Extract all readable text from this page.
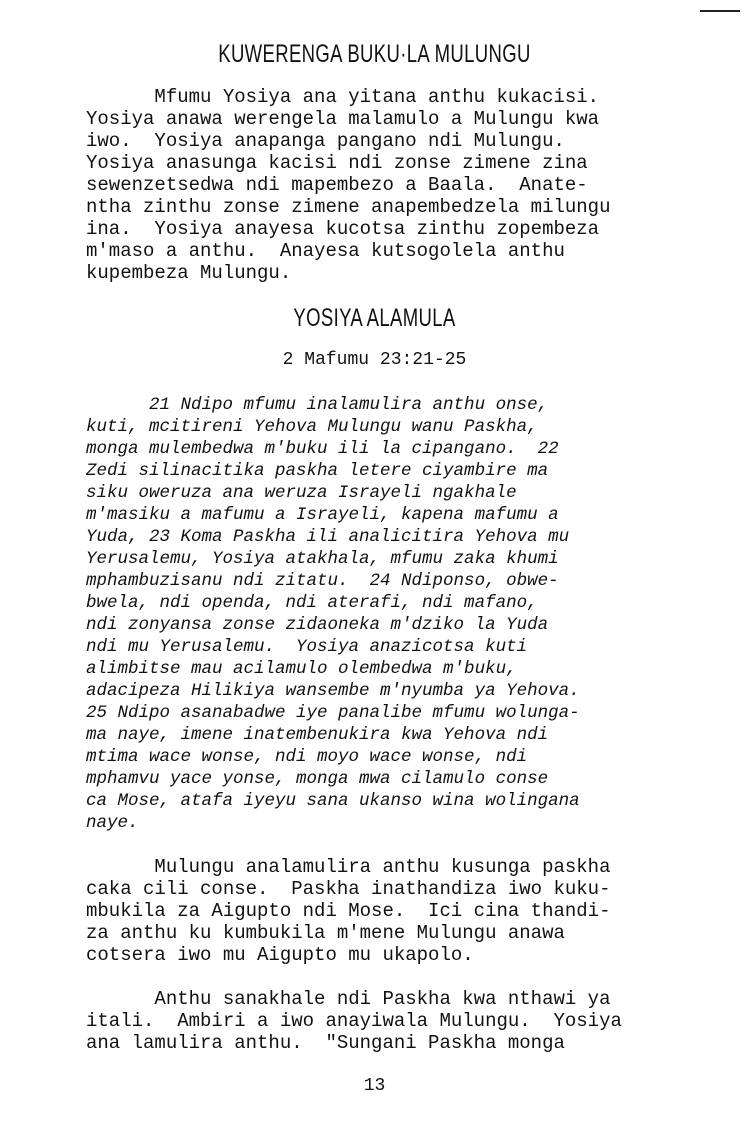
KUWERENGA BUKU·LA MULUNGU
Mfumu Yosiya ana yitana anthu kukacisi.
Yosiya anawa werengela malamulo a Mulungu kwa
iwo.  Yosiya anapanga pangano ndi Mulungu.
Yosiya anasunga kacisi ndi zonse zimene zina
sewenzetsedwa ndi mapembezo a Baala.  Anate-
ntha zinthu zonse zimene anapembedzela milungu
ina.  Yosiya anayesa kucotsa zinthu zopembeza
m'maso a anthu.  Anayesa kutsogolela anthu
kupembeza Mulungu.
YOSIYA ALAMULA

2 Mafumu 23:21-25

21 Ndipo mfumu inalamulira anthu onse,
kuti, mcitireni Yehova Mulungu wanu Paskha,
monga mulembedwa m'buku ili la cipangano.  22
Zedi silinacitika paskha letere ciyambire ma
siku oweruza ana weruza Israyeli ngakhale
m'masiku a mafumu a Israyeli, kapena mafumu a
Yuda, 23 Koma Paskha ili analicitira Yehova mu
Yerusalemu, Yosiya atakhala, mfumu zaka khumi
mphambuzisanu ndi zitatu.  24 Ndiponso, obwe-
bwela, ndi openda, ndi aterafi, ndi mafano,
ndi zonyansa zonse zidaoneka m'dziko la Yuda
ndi mu Yerusalemu.  Yosiya anazicotsa kuti
alimbitse mau acilamulo olembedwa m'buku,
adacipeza Hilikiya wansembe m'nyumba ya Yehova.
25 Ndipo asanabadwe iye panalibe mfumu wolunga-
ma naye, imene inatembenukira kwa Yehova ndi
mtima wace wonse, ndi moyo wace wonse, ndi
mphamvu yace yonse, monga mwa cilamulo conse
ca Mose, atafa iyeyu sana ukanso wina wolingana
naye.
Mulungu analamulira anthu kusunga paskha
caka cili conse.  Paskha inathandiza iwo kuku-
mbukila za Aigupto ndi Mose.  Ici cina thandi-
za anthu ku kumbukila m'mene Mulungu anawa
cotsera iwo mu Aigupto mu ukapolo.
Anthu sanakhale ndi Paskha kwa nthawi ya
itali.  Ambiri a iwo anayiwala Mulungu.  Yosiya
ana lamulira anthu.  "Sungani Paskha monga

13
